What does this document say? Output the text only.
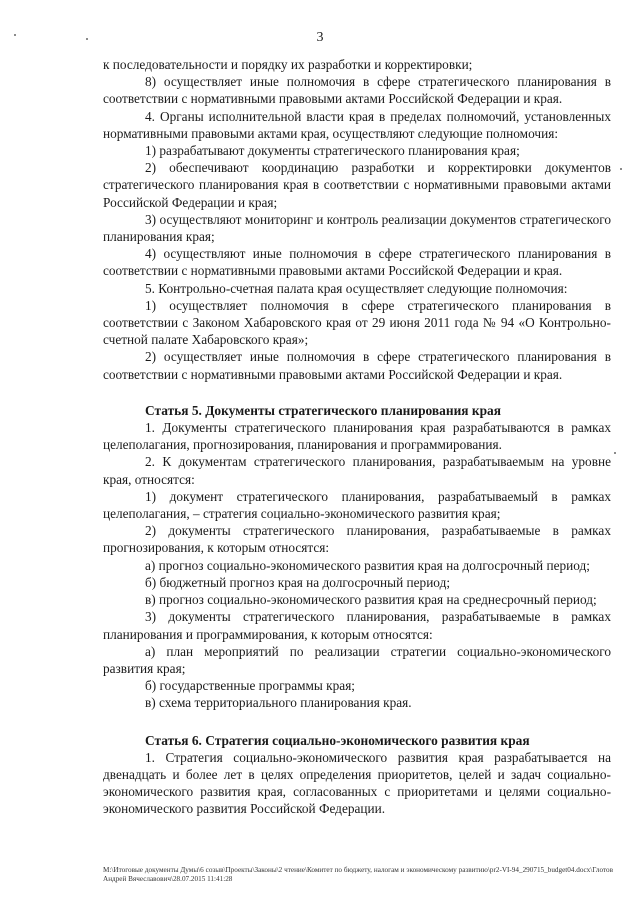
3

к последовательности и порядку их разработки и корректировки;

8) осуществляет иные полномочия в сфере стратегического планирования в соответствии с нормативными правовыми актами Российской Федерации и края.

4. Органы исполнительной власти края в пределах полномочий, установленных нормативными правовыми актами края, осуществляют следующие полномочия:

1) разрабатывают документы стратегического планирования края;

2) обеспечивают координацию разработки и корректировки документов стратегического планирования края в соответствии с нормативными правовыми актами Российской Федерации и края;

3) осуществляют мониторинг и контроль реализации документов стратегического планирования края;

4) осуществляют иные полномочия в сфере стратегического планирования в соответствии с нормативными правовыми актами Российской Федерации и края.

5. Контрольно-счетная палата края осуществляет следующие полномочия:

1) осуществляет полномочия в сфере стратегического планирования в соответствии с Законом Хабаровского края от 29 июня 2011 года № 94 «О Контрольно-счетной палате Хабаровского края»;

2) осуществляет иные полномочия в сфере стратегического планирования в соответствии с нормативными правовыми актами Российской Федерации и края.

Статья 5. Документы стратегического планирования края

1. Документы стратегического планирования края разрабатываются в рамках целеполагания, прогнозирования, планирования и программирования.

2. К документам стратегического планирования, разрабатываемым на уровне края, относятся:

1) документ стратегического планирования, разрабатываемый в рамках целеполагания, – стратегия социально-экономического развития края;

2) документы стратегического планирования, разрабатываемые в рамках прогнозирования, к которым относятся:

а) прогноз социально-экономического развития края на долгосрочный период;

б) бюджетный прогноз края на долгосрочный период;

в) прогноз социально-экономического развития края на среднесрочный период;

3) документы стратегического планирования, разрабатываемые в рамках планирования и программирования, к которым относятся:

а) план мероприятий по реализации стратегии социально-экономического развития края;

б) государственные программы края;

в) схема территориального планирования края.

Статья 6. Стратегия социально-экономического развития края

1. Стратегия социально-экономического развития края разрабатывается на двенадцать и более лет в целях определения приоритетов, целей и задач социально-экономического развития края, согласованных с приоритетами и целями социально-экономического развития Российской Федерации.

M:\Итоговые документы Думы\6 созыв\Проекты\Законы\2 чтение\Комитет по бюджету, налогам и экономическому развитию\pr2-VI-94_290715_budget04.docx\Глотов Андрей Вячеславович\28.07.2015 11:41:28
